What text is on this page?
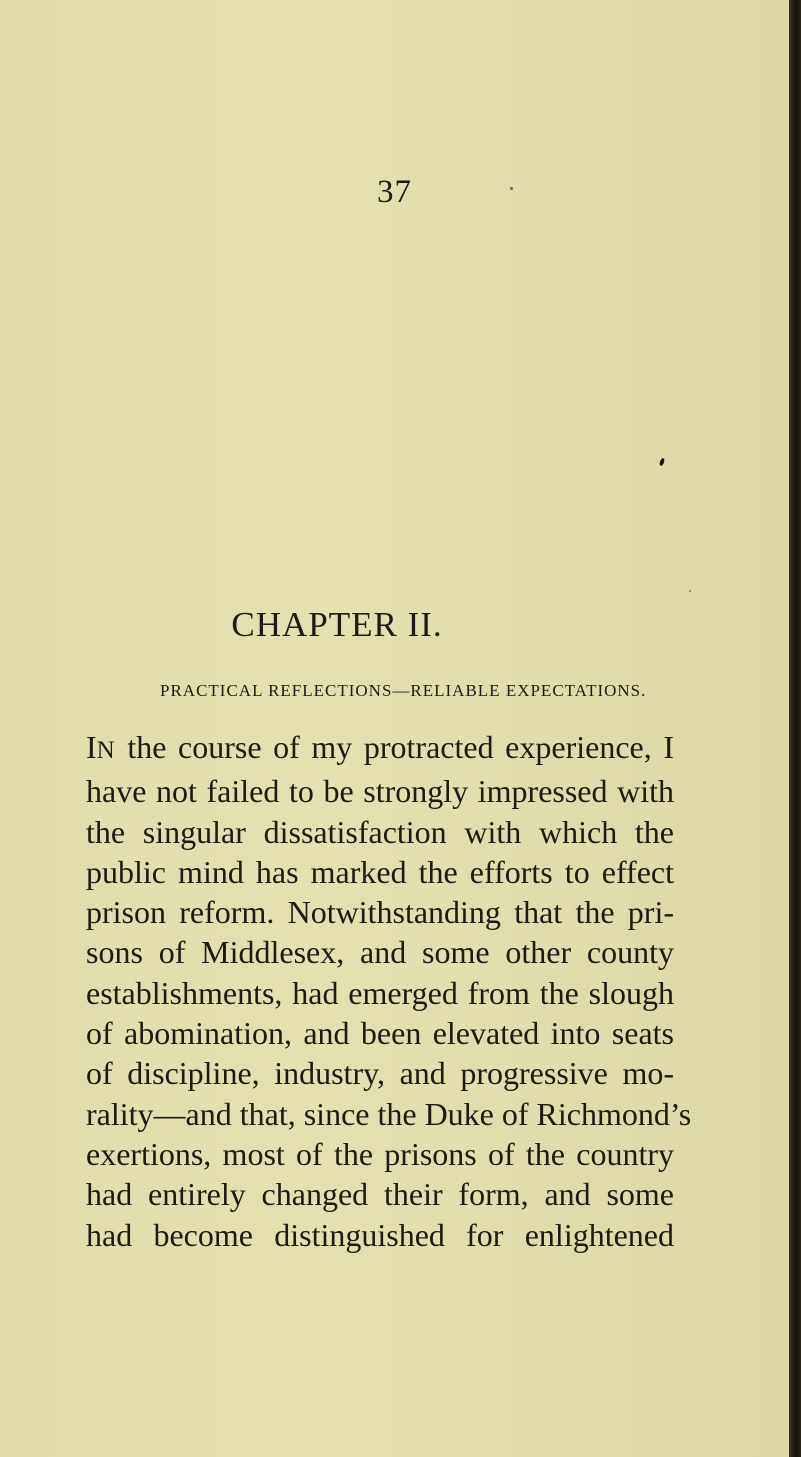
37
CHAPTER II.
PRACTICAL REFLECTIONS—RELIABLE EXPECTATIONS.
IN the course of my protracted experience, I
have not failed to be strongly impressed with
the singular dissatisfaction with which the
public mind has marked the efforts to effect
prison reform. Notwithstanding that the pri-
sons of Middlesex, and some other county
establishments, had emerged from the slough
of abomination, and been elevated into seats
of discipline, industry, and progressive mo-
rality—and that, since the Duke of Richmond’s
exertions, most of the prisons of the country
had entirely changed their form, and some
had become distinguished for enlightened
